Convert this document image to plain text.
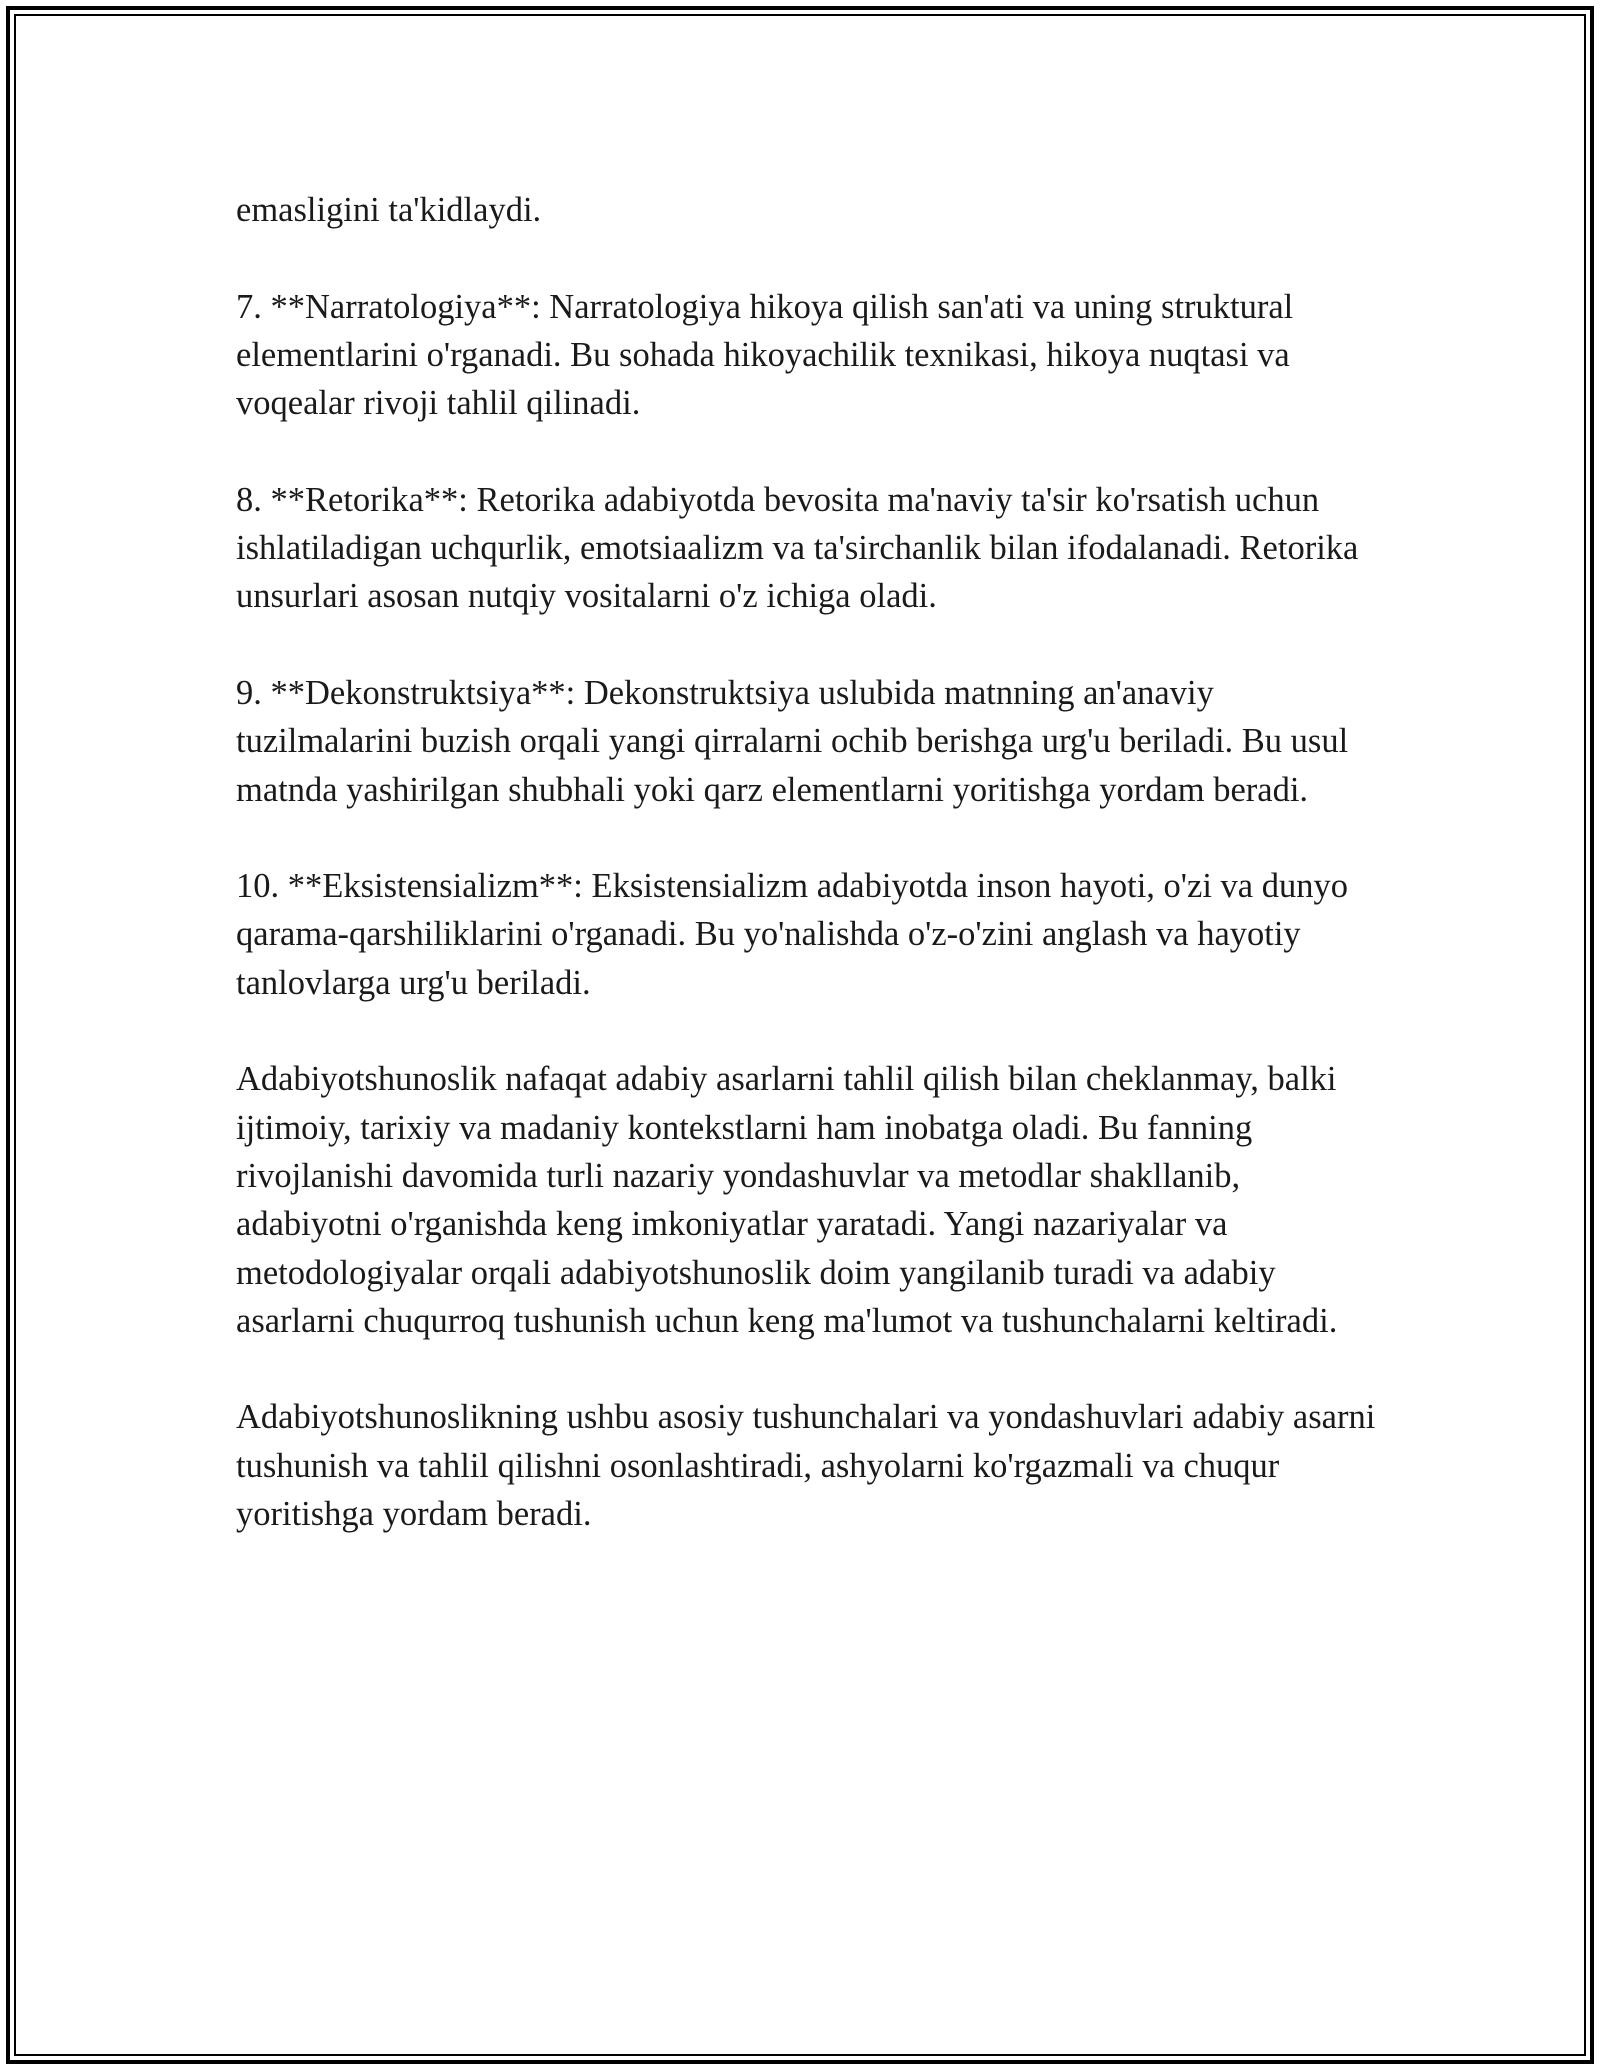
emasligini ta'kidlaydi.

7. **Narratologiya**: Narratologiya hikoya qilish san'ati va uning struktural elementlarini o'rganadi. Bu sohada hikoyachilik texnikasi, hikoya nuqtasi va voqealar rivoji tahlil qilinadi.

8. **Retorika**: Retorika adabiyotda bevosita ma'naviy ta'sir ko'rsatish uchun ishlatiladigan uchqurlik, emotsiaalizm va ta'sirchanlik bilan ifodalanadi. Retorika unsurlari asosan nutqiy vositalarni o'z ichiga oladi.

9. **Dekonstruktsiya**: Dekonstruktsiya uslubida matnning an'anaviy tuzilmalarini buzish orqali yangi qirralarni ochib berishga urg'u beriladi. Bu usul matnda yashirilgan shubhali yoki qarz elementlarni yoritishga yordam beradi.

10. **Eksistensializm**: Eksistensializm adabiyotda inson hayoti, o'zi va dunyo qarama-qarshiliklarini o'rganadi. Bu yo'nalishda o'z-o'zini anglash va hayotiy tanlovlarga urg'u beriladi.

Adabiyotshunoslik nafaqat adabiy asarlarni tahlil qilish bilan cheklanmay, balki ijtimoiy, tarixiy va madaniy kontekstlarni ham inobatga oladi. Bu fanning rivojlanishi davomida turli nazariy yondashuvlar va metodlar shakllanib, adabiyotni o'rganishda keng imkoniyatlar yaratadi. Yangi nazariyalar va metodologiyalar orqali adabiyotshunoslik doim yangilanib turadi va adabiy asarlarni chuqurroq tushunish uchun keng ma'lumot va tushunchalarni keltiradi.

Adabiyotshunoslikning ushbu asosiy tushunchalari va yondashuvlari adabiy asarni tushunish va tahlil qilishni osonlashtiradi, ashyolarni ko'rgazmali va chuqur yoritishga yordam beradi.
